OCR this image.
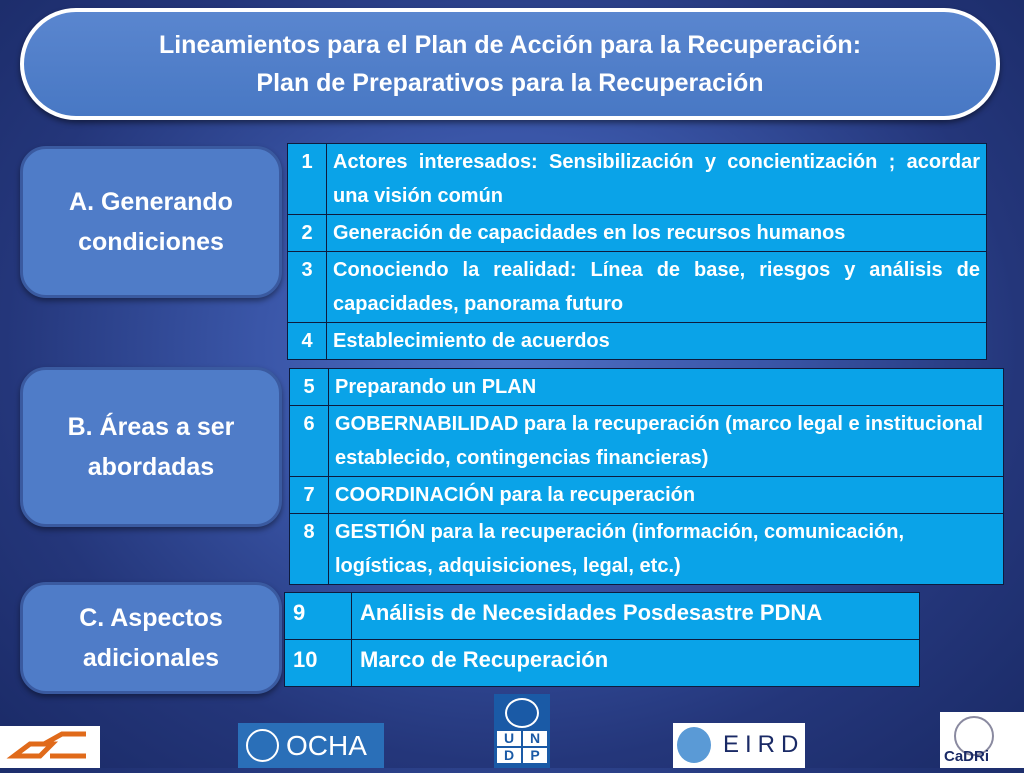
Lineamientos para el Plan de Acción para la Recuperación:
Plan de Preparativos para la Recuperación
A. Generando
condiciones
B. Áreas a ser
abordadas
C. Aspectos
adicionales
1	Actores interesados: Sensibilización y concientización ; acordar una visión común
2	Generación de capacidades en los recursos humanos
3	Conociendo la realidad: Línea de base, riesgos y análisis de capacidades, panorama futuro
4	Establecimiento de acuerdos
5	Preparando un PLAN
6	GOBERNABILIDAD para la recuperación (marco legal e institucional establecido, contingencias financieras)
7	COORDINACIÓN para la recuperación
8	GESTIÓN para la recuperación (información, comunicación, logísticas, adquisiciones, legal, etc.)
9	Análisis de Necesidades Posdesastre PDNA
10	Marco de Recuperación
OCHA	U	N
D	P	EIRD	CaDRi
